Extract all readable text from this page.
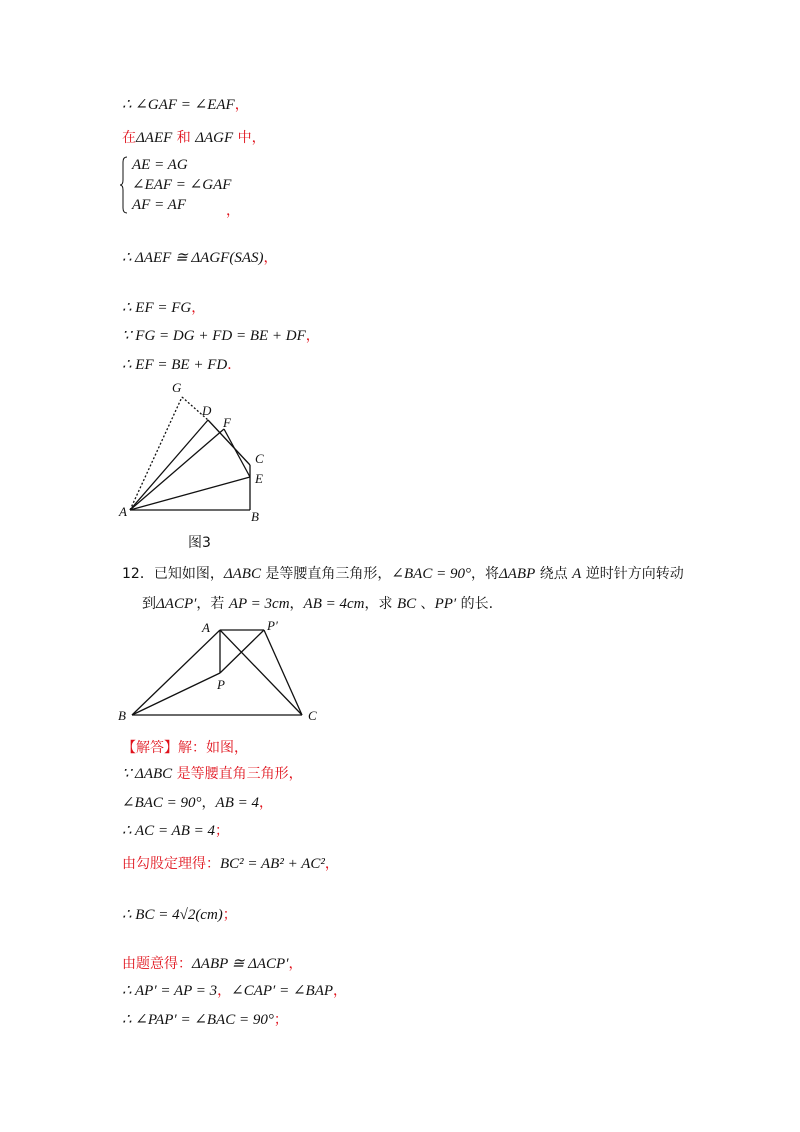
∴ ∠GAF = ∠EAF，
在ΔAEF 和 ΔAGF 中，
AE = AG
∠EAF = ∠GAF
AF = AF	，
∴ ΔAEF ≅ ΔAGF(SAS)，
∴ EF = FG，
∵ FG = DG + FD = BE + DF，
∴ EF = BE + FD．
G
D
F
C
E
A	B
图3
12．已知如图，ΔABC 是等腰直角三角形，∠BAC = 90°，将ΔABP 绕点 A 逆时针方向转动
到ΔACP′，若 AP = 3cm，AB = 4cm，求 BC 、PP′ 的长.
A	P′
P
B	C
【解答】解：如图，
∵ ΔABC 是等腰直角三角形，
∠BAC = 90°，AB = 4，
∴ AC = AB = 4；
由勾股定理得：BC² = AB² + AC²，
∴ BC = 4√2(cm)；
由题意得：ΔABP ≅ ΔACP′，
∴ AP′ = AP = 3，∠CAP′ = ∠BAP，
∴ ∠PAP′ = ∠BAC = 90°；
